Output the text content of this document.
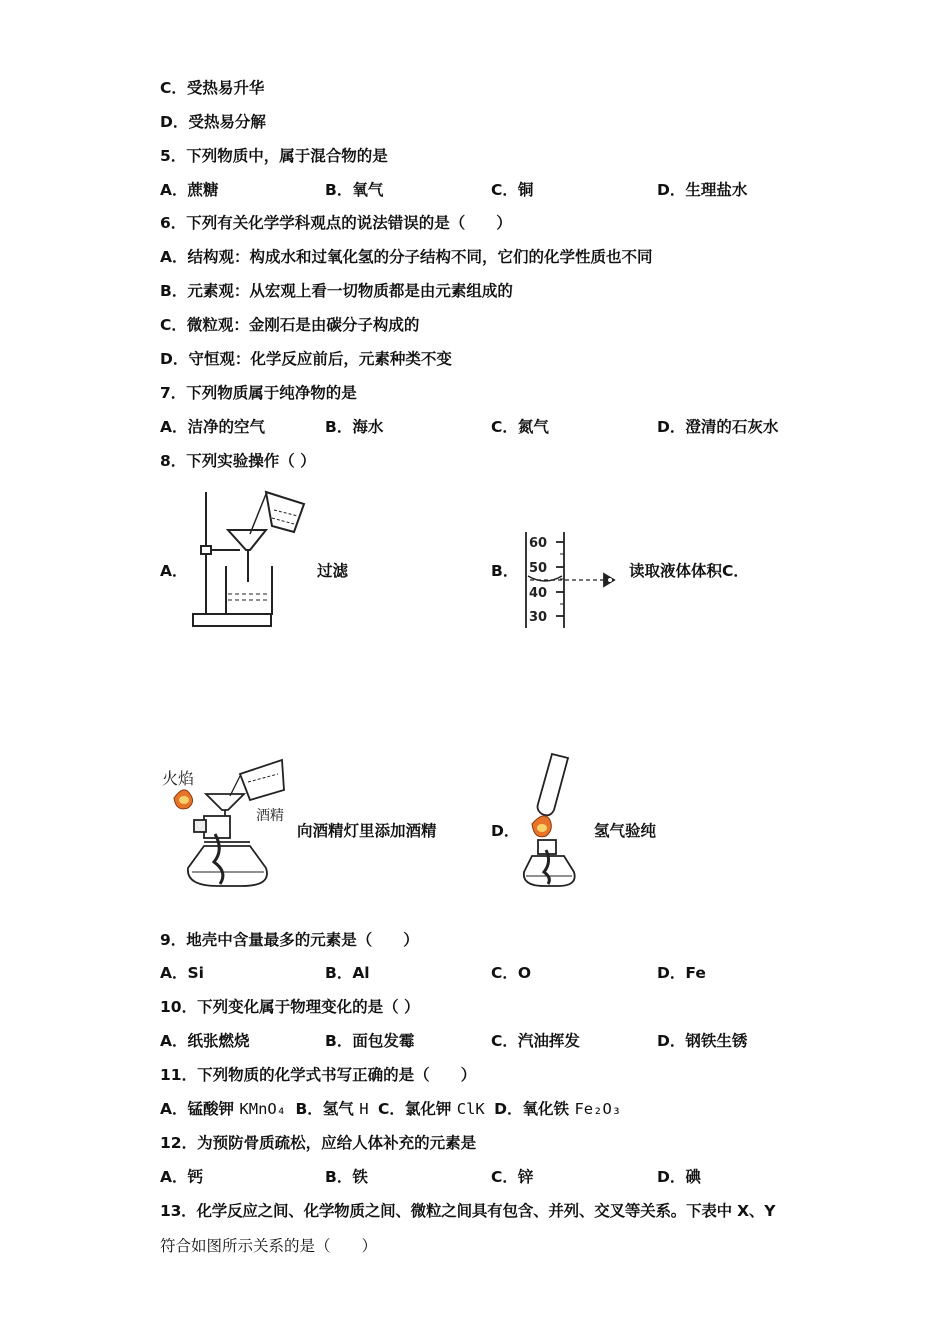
C．受热易升华
D．受热易分解
5．下列物质中，属于混合物的是
A．蔗糖	B．氧气	C．铜	D．生理盐水
6．下列有关化学学科观点的说法错误的是（　　）
A．结构观：构成水和过氧化氢的分子结构不同，它们的化学性质也不同
B．元素观：从宏观上看一切物质都是由元素组成的
C．微粒观：金刚石是由碳分子构成的
D．守恒观：化学反应前后，元素种类不变
7．下列物质属于纯净物的是
A．洁净的空气	B．海水	C．氮气	D．澄清的石灰水
8．下列实验操作（ ）
A．	过滤	B．
60
50
40
30
读取液体体积C．
火焰
酒精
向酒精灯里添加酒精	D．	氢气验纯
9．地壳中含量最多的元素是（　　）
A．Si	B．Al	C．O	D．Fe
10．下列变化属于物理变化的是（ ）
A．纸张燃烧	B．面包发霉	C．汽油挥发	D．钢铁生锈
11．下列物质的化学式书写正确的是（　　）
A．锰酸钾 KMnO₄ B．氢气 H C．氯化钾 ClK D．氧化铁 Fe₂O₃
12．为预防骨质疏松，应给人体补充的元素是
A．钙	B．铁	C．锌	D．碘
13．化学反应之间、化学物质之间、微粒之间具有包含、并列、交叉等关系。下表中 X、Y
符合如图所示关系的是（　　）
